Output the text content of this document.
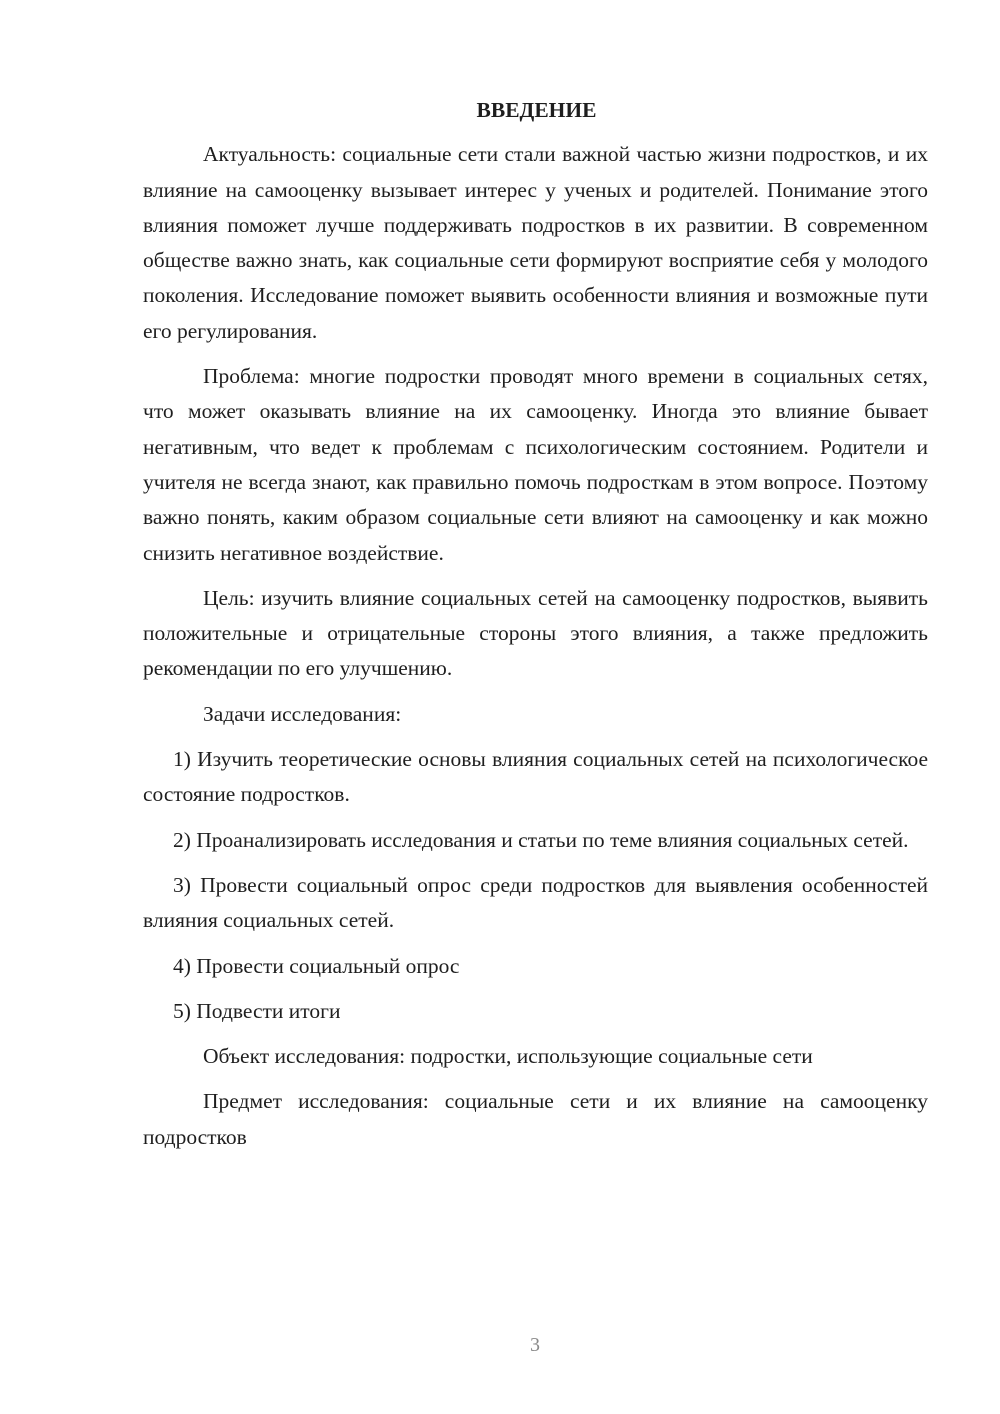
ВВЕДЕНИЕ

Актуальность: социальные сети стали важной частью жизни подростков, и их влияние на самооценку вызывает интерес у ученых и родителей. Понимание этого влияния поможет лучше поддерживать подростков в их развитии. В современном обществе важно знать, как социальные сети формируют восприятие себя у молодого поколения. Исследование поможет выявить особенности влияния и возможные пути его регулирования.

Проблема: многие подростки проводят много времени в социальных сетях, что может оказывать влияние на их самооценку. Иногда это влияние бывает негативным, что ведет к проблемам с психологическим состоянием. Родители и учителя не всегда знают, как правильно помочь подросткам в этом вопросе. Поэтому важно понять, каким образом социальные сети влияют на самооценку и как можно снизить негативное воздействие.

Цель: изучить влияние социальных сетей на самооценку подростков, выявить положительные и отрицательные стороны этого влияния, а также предложить рекомендации по его улучшению.

Задачи исследования:

1) Изучить теоретические основы влияния социальных сетей на психологическое состояние подростков.

2) Проанализировать исследования и статьи по теме влияния социальных сетей.

3) Провести социальный опрос среди подростков для выявления особенностей влияния социальных сетей.

4) Провести социальный опрос

5) Подвести итоги

Объект исследования: подростки, использующие социальные сети

Предмет исследования: социальные сети и их влияние на самооценку подростков

3
